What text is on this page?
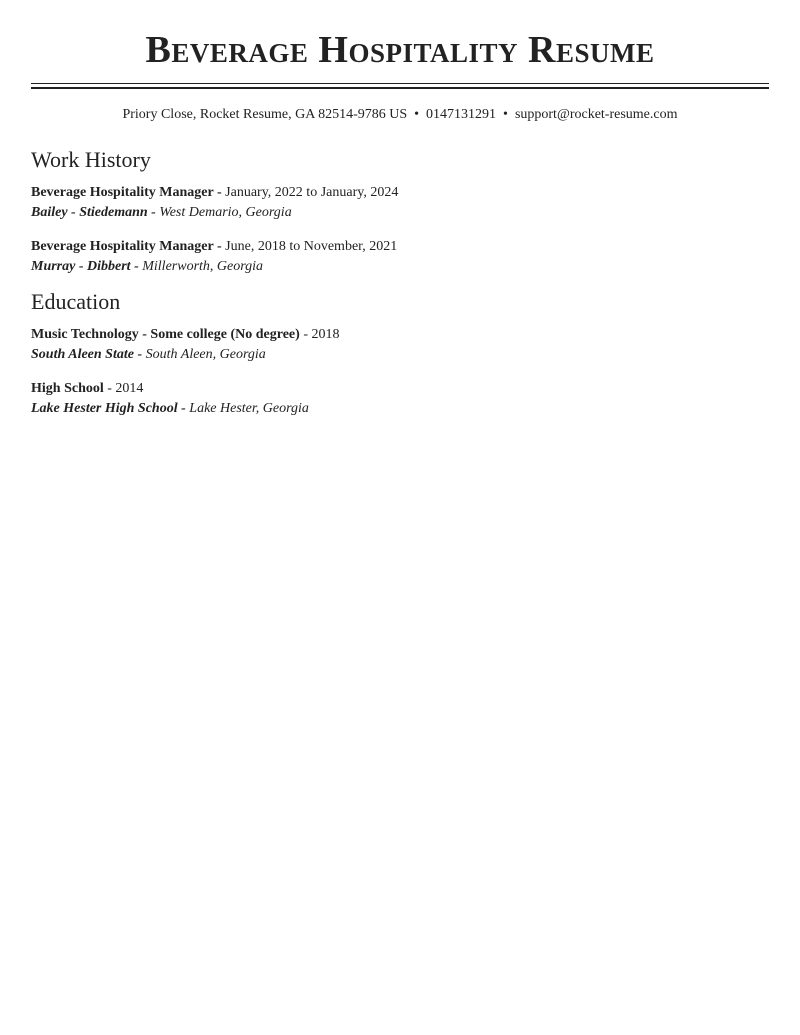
Beverage Hospitality Resume
Priory Close, Rocket Resume, GA 82514-9786 US • 0147131291 • support@rocket-resume.com
Work History
Beverage Hospitality Manager - January, 2022 to January, 2024
Bailey - Stiedemann - West Demario, Georgia
Beverage Hospitality Manager - June, 2018 to November, 2021
Murray - Dibbert - Millerworth, Georgia
Education
Music Technology - Some college (No degree) - 2018
South Aleen State - South Aleen, Georgia
High School - 2014
Lake Hester High School - Lake Hester, Georgia
